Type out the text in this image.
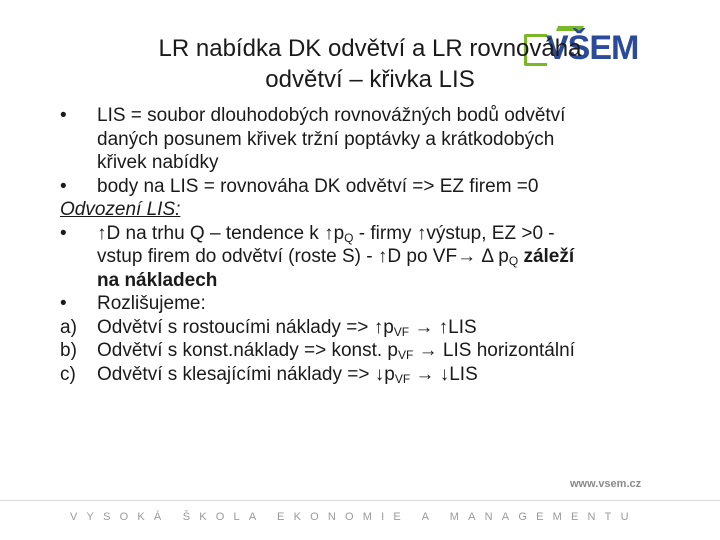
VŠEM
LR nabídka DK odvětví a LR rovnováha
odvětví – křivka LIS
• LIS = soubor dlouhodobých rovnovážných bodů odvětví
daných posunem křivek tržní poptávky a krátkodobých
křivek nabídky
• body na LIS = rovnováha DK odvětví => EZ firem =0
Odvození LIS:
• ↑D na trhu Q – tendence k $↑p_Q$ - firmy ↑výstup, EZ >0 -
vstup firem do odvětví (roste S) - ↑D po VF→ Δ $p_Q$ záleží
na nákladech
• Rozlišujeme:
a) Odvětví s rostoucími náklady => $↑p_{VF}$ → ↑LIS
b) Odvětví s konst.náklady => konst. $p_{VF}$ → LIS horizontální
c) Odvětví s klesajícími náklady => $↓p_{VF}$ → ↓LIS
www.vsem.cz
VYSOKÁ ŠKOLA EKONOMIE A MANAGEMENTU
